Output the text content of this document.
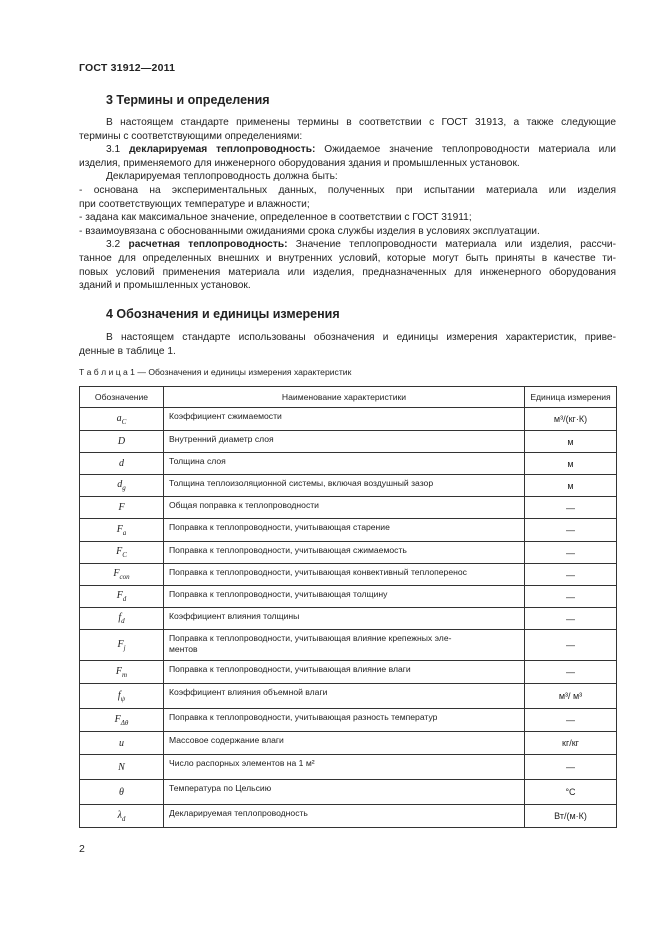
ГОСТ 31912—2011
3 Термины и определения
В настоящем стандарте применены термины в соответствии с ГОСТ 31913, а также следующие
термины с соответствующими определениями:
3.1 декларируемая теплопроводность: Ожидаемое значение теплопроводности материала или
изделия, применяемого для инженерного оборудования здания и промышленных установок.
Декларируемая теплопроводность должна быть:
- основана на экспериментальных данных, полученных при испытании материала или изделия
при соответствующих температуре и влажности;
- задана как максимальное значение, определенное в соответствии с ГОСТ 31911;
- взаимоувязана с обоснованными ожиданиями срока службы изделия в условиях эксплуатации.
3.2 расчетная теплопроводность: Значение теплопроводности материала или изделия, рассчи-
танное для определенных внешних и внутренних условий, которые могут быть приняты в качестве ти-
повых условий применения материала или изделия, предназначенных для инженерного оборудования
зданий и промышленных установок.
4 Обозначения и единицы измерения
В настоящем стандарте использованы обозначения и единицы измерения характеристик, приве-
денные в таблице 1.
Т а б л и ц а 1 — Обозначения и единицы измерения характеристик
Обозначение	Наименование характеристики	Единица измерения
$a_C$	Коэффициент сжимаемости	м³/(кг·К)
D	Внутренний диаметр слоя	м
d	Толщина слоя	м
$d_g$	Толщина теплоизоляционной системы, включая воздушный зазор	м
F	Общая поправка к теплопроводности	—
$F_a$	Поправка к теплопроводности, учитывающая старение	—
$F_C$	Поправка к теплопроводности, учитывающая сжимаемость	—
$F_{con}$	Поправка к теплопроводности, учитывающая конвективный теплоперенос	—
$F_d$	Поправка к теплопроводности, учитывающая толщину	—
$f_d$	Коэффициент влияния толщины	—
$F_j$	Поправка к теплопроводности, учитывающая влияние крепежных эле-
ментов	—
$F_m$	Поправка к теплопроводности, учитывающая влияние влаги	—
$f_\psi$	Коэффициент влияния объемной влаги	м³/ м³
$F_{\Delta\theta}$	Поправка к теплопроводности, учитывающая разность температур	—
u	Массовое содержание влаги	кг/кг
N	Число распорных элементов на 1 м²	—
θ	Температура по Цельсию	°С
$\lambda_d$	Декларируемая теплопроводность	Вт/(м·К)
2
